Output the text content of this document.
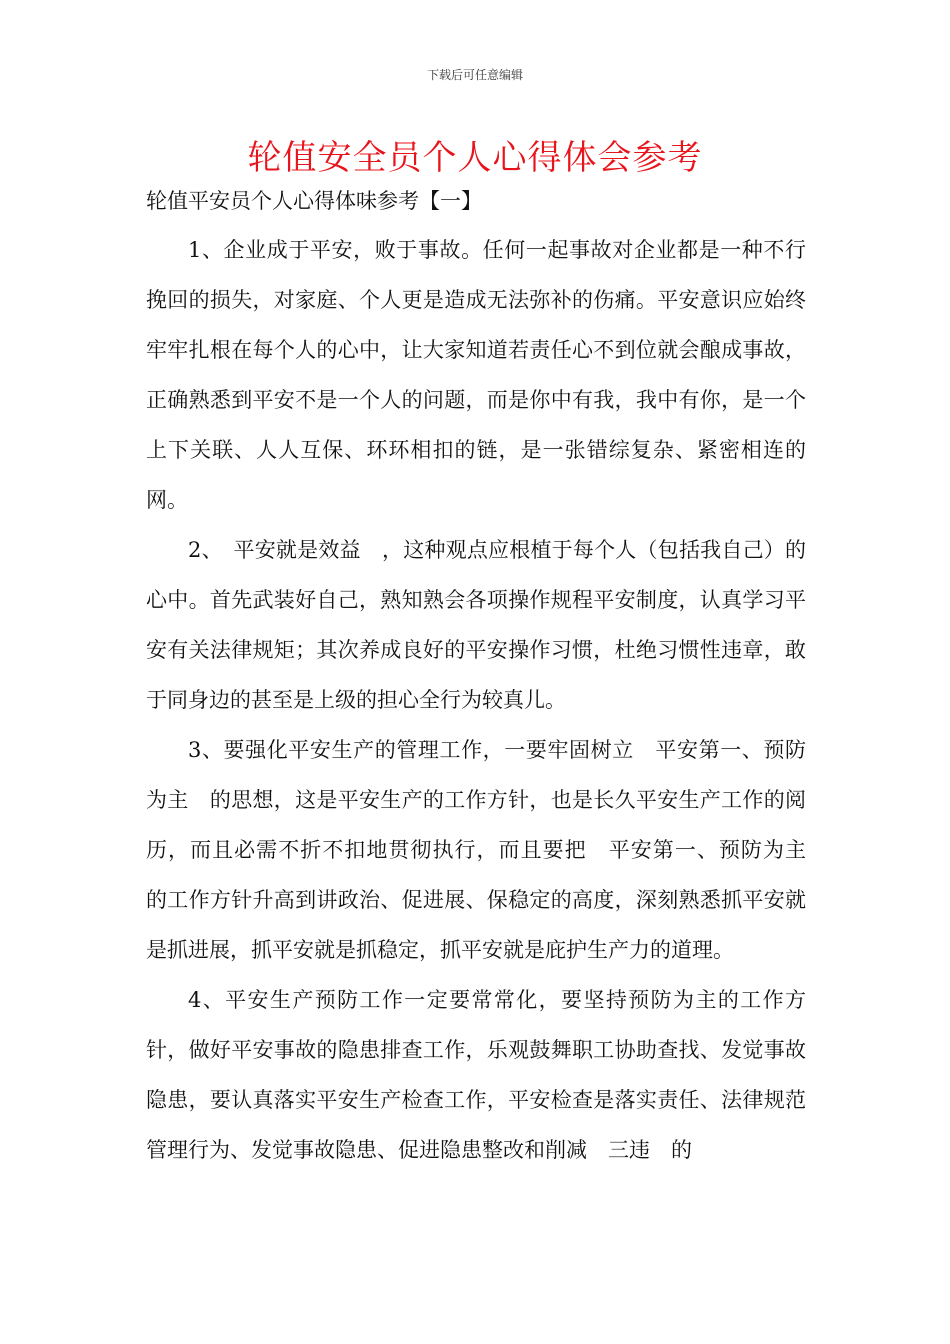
下载后可任意编辑
轮值安全员个人心得体会参考
轮值平安员个人心得体味参考【一】

1、企业成于平安，败于事故。任何一起事故对企业都是一种不行挽回的损失，对家庭、个人更是造成无法弥补的伤痛。平安意识应始终牢牢扎根在每个人的心中，让大家知道若责任心不到位就会酿成事故，正确熟悉到平安不是一个人的问题，而是你中有我，我中有你，是一个上下关联、人人互保、环环相扣的链，是一张错综复杂、紧密相连的网。

2、　平安就是效益　，这种观点应根植于每个人（包括我自己）的心中。首先武装好自己，熟知熟会各项操作规程平安制度，认真学习平安有关法律规矩；其次养成良好的平安操作习惯，杜绝习惯性违章，敢于同身边的甚至是上级的担心全行为较真儿。

3、要强化平安生产的管理工作，一要牢固树立　平安第一、预防为主　的思想，这是平安生产的工作方针，也是长久平安生产工作的阅历，而且必需不折不扣地贯彻执行，而且要把　平安第一、预防为主　的工作方针升高到讲政治、促进展、保稳定的高度，深刻熟悉抓平安就是抓进展，抓平安就是抓稳定，抓平安就是庇护生产力的道理。

4、平安生产预防工作一定要常常化，要坚持预防为主的工作方针，做好平安事故的隐患排查工作，乐观鼓舞职工协助查找、发觉事故隐患，要认真落实平安生产检查工作，平安检查是落实责任、法律规范管理行为、发觉事故隐患、促进隐患整改和削减　三违　的
